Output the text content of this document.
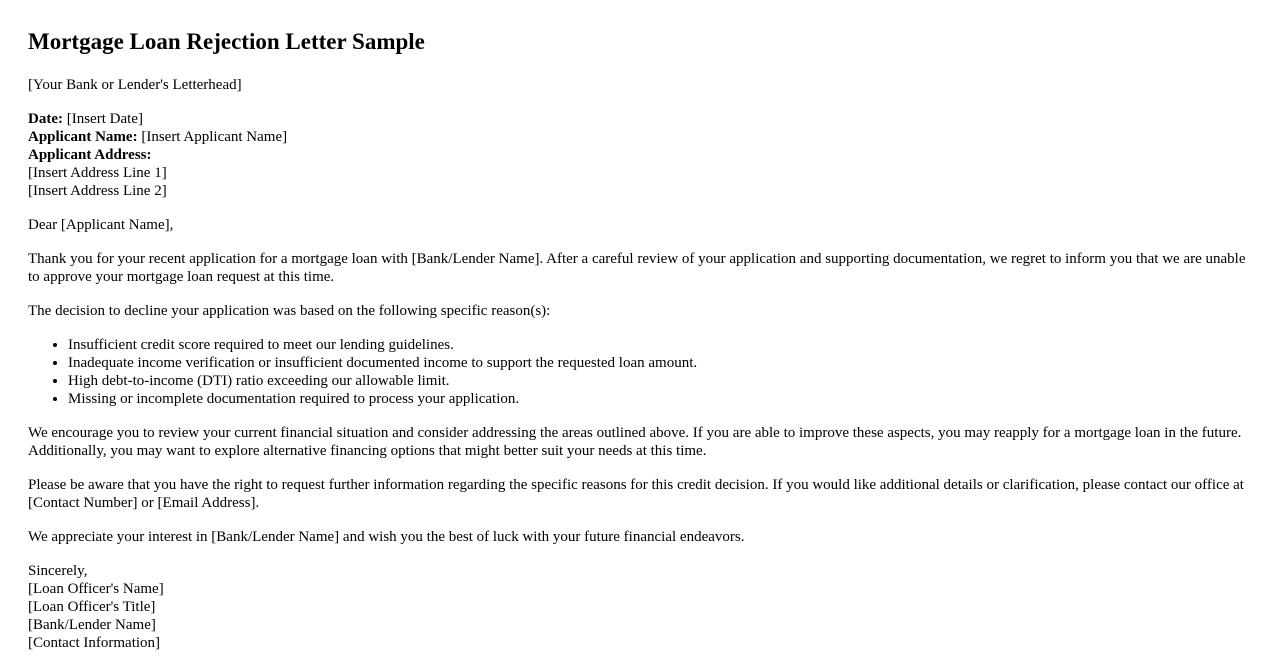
Mortgage Loan Rejection Letter Sample

[Your Bank or Lender's Letterhead]

Date: [Insert Date]
Applicant Name: [Insert Applicant Name]
Applicant Address:
[Insert Address Line 1]
[Insert Address Line 2]

Dear [Applicant Name],

Thank you for your recent application for a mortgage loan with [Bank/Lender Name]. After a careful review of your application and supporting documentation, we regret to inform you that we are unable to approve your mortgage loan request at this time.

The decision to decline your application was based on the following specific reason(s):

• Insufficient credit score required to meet our lending guidelines.
• Inadequate income verification or insufficient documented income to support the requested loan amount.
• High debt-to-income (DTI) ratio exceeding our allowable limit.
• Missing or incomplete documentation required to process your application.

We encourage you to review your current financial situation and consider addressing the areas outlined above. If you are able to improve these aspects, you may reapply for a mortgage loan in the future. Additionally, you may want to explore alternative financing options that might better suit your needs at this time.

Please be aware that you have the right to request further information regarding the specific reasons for this credit decision. If you would like additional details or clarification, please contact our office at [Contact Number] or [Email Address].

We appreciate your interest in [Bank/Lender Name] and wish you the best of luck with your future financial endeavors.

Sincerely,
[Loan Officer's Name]
[Loan Officer's Title]
[Bank/Lender Name]
[Contact Information]
